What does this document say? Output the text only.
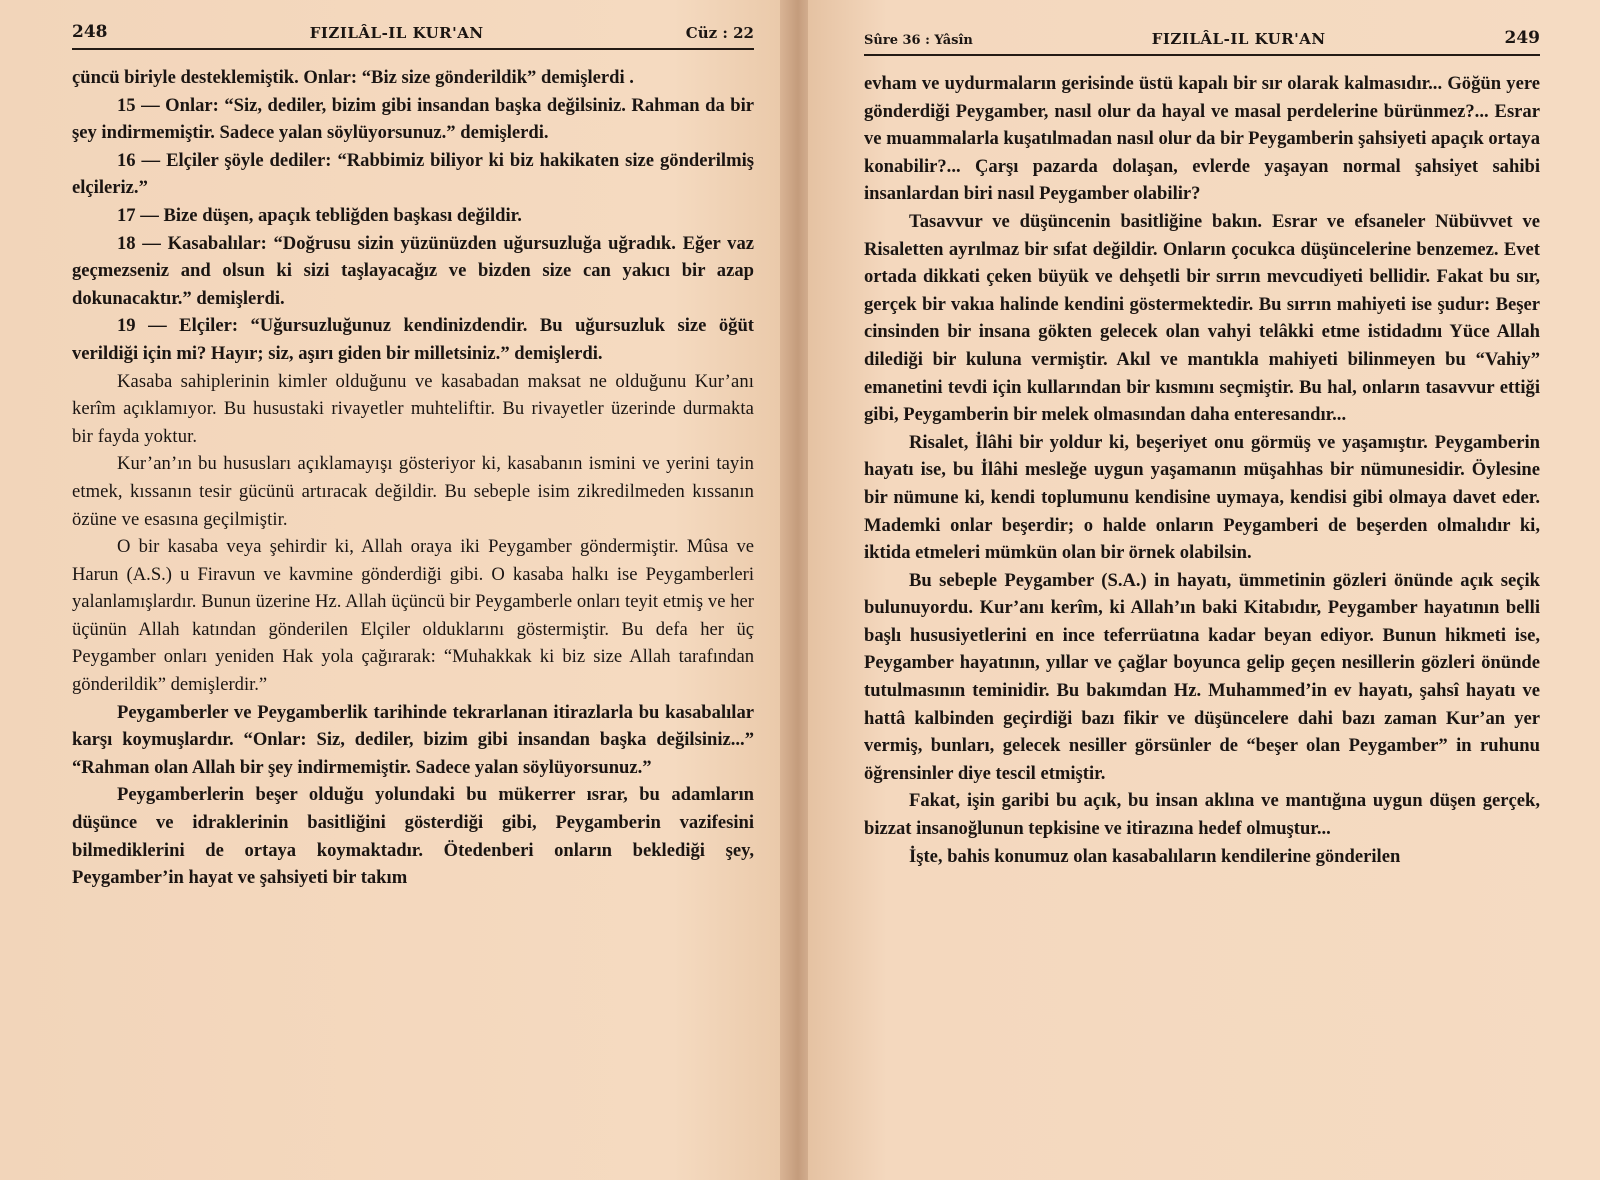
248	FIZILÂL-IL KUR'AN	Cüz : 22

çüncü biriyle desteklemiştik. Onlar: “Biz size gönderildik” demişlerdi .

15 — Onlar: “Siz, dediler, bizim gibi insandan başka değilsiniz. Rahman da bir şey indirmemiştir. Sadece yalan söylüyorsunuz.” demişlerdi.

16 — Elçiler şöyle dediler: “Rabbimiz biliyor ki biz hakikaten size gönderilmiş elçileriz.”

17 — Bize düşen, apaçık tebliğden başkası değildir.

18 — Kasabalılar: “Doğrusu sizin yüzünüzden uğursuzluğa uğradık. Eğer vaz geçmezseniz and olsun ki sizi taşlayacağız ve bizden size can yakıcı bir azap dokunacaktır.” demişlerdi.

19 — Elçiler: “Uğursuzluğunuz kendinizdendir. Bu uğursuzluk size öğüt verildiği için mi? Hayır; siz, aşırı giden bir milletsiniz.” demişlerdi.

Kasaba sahiplerinin kimler olduğunu ve kasabadan maksat ne olduğunu Kur’anı kerîm açıklamıyor. Bu husustaki rivayetler muhteliftir. Bu rivayetler üzerinde durmakta bir fayda yoktur.

Kur’an’ın bu hususları açıklamayışı gösteriyor ki, kasabanın ismini ve yerini tayin etmek, kıssanın tesir gücünü artıracak değildir. Bu sebeple isim zikredilmeden kıssanın özüne ve esasına geçilmiştir.

O bir kasaba veya şehirdir ki, Allah oraya iki Peygamber göndermiştir. Mûsa ve Harun (A.S.) u Firavun ve kavmine gönderdiği gibi. O kasaba halkı ise Peygamberleri yalanlamışlardır. Bunun üzerine Hz. Allah üçüncü bir Peygamberle onları teyit etmiş ve her üçünün Allah katından gönderilen Elçiler olduklarını göstermiştir. Bu defa her üç Peygamber onları yeniden Hak yola çağırarak: “Muhakkak ki biz size Allah tarafından gönderildik” demişlerdir.”

Peygamberler ve Peygamberlik tarihinde tekrarlanan itirazlarla bu kasabalılar karşı koymuşlardır. “Onlar: Siz, dediler, bizim gibi insandan başka değilsiniz...” “Rahman olan Allah bir şey indirmemiştir. Sadece yalan söylüyorsunuz.”

Peygamberlerin beşer olduğu yolundaki bu mükerrer ısrar, bu adamların düşünce ve idraklerinin basitliğini gösterdiği gibi, Peygamberin vazifesini bilmediklerini de ortaya koymaktadır. Ötedenberi onların beklediği şey, Peygamber’in hayat ve şahsiyeti bir takım

Sûre 36 : Yâsîn	FIZILÂL-IL KUR'AN	249

evham ve uydurmaların gerisinde üstü kapalı bir sır olarak kalmasıdır... Göğün yere gönderdiği Peygamber, nasıl olur da hayal ve masal perdelerine bürünmez?... Esrar ve muammalarla kuşatılmadan nasıl olur da bir Peygamberin şahsiyeti apaçık ortaya konabilir?... Çarşı pazarda dolaşan, evlerde yaşayan normal şahsiyet sahibi insanlardan biri nasıl Peygamber olabilir?

Tasavvur ve düşüncenin basitliğine bakın. Esrar ve efsaneler Nübüvvet ve Risaletten ayrılmaz bir sıfat değildir. Onların çocukca düşüncelerine benzemez. Evet ortada dikkati çeken büyük ve dehşetli bir sırrın mevcudiyeti bellidir. Fakat bu sır, gerçek bir vakıa halinde kendini göstermektedir. Bu sırrın mahiyeti ise şudur: Beşer cinsinden bir insana gökten gelecek olan vahyi telâkki etme istidadını Yüce Allah dilediği bir kuluna vermiştir. Akıl ve mantıkla mahiyeti bilinmeyen bu “Vahiy” emanetini tevdi için kullarından bir kısmını seçmiştir. Bu hal, onların tasavvur ettiği gibi, Peygamberin bir melek olmasından daha enteresandır...

Risalet, İlâhi bir yoldur ki, beşeriyet onu görmüş ve yaşamıştır. Peygamberin hayatı ise, bu İlâhi mesleğe uygun yaşamanın müşahhas bir nümunesidir. Öylesine bir nümune ki, kendi toplumunu kendisine uymaya, kendisi gibi olmaya davet eder. Mademki onlar beşerdir; o halde onların Peygamberi de beşerden olmalıdır ki, iktida etmeleri mümkün olan bir örnek olabilsin.

Bu sebeple Peygamber (S.A.) in hayatı, ümmetinin gözleri önünde açık seçik bulunuyordu. Kur’anı kerîm, ki Allah’ın baki Kitabıdır, Peygamber hayatının belli başlı hususiyetlerini en ince teferrüatına kadar beyan ediyor. Bunun hikmeti ise, Peygamber hayatının, yıllar ve çağlar boyunca gelip geçen nesillerin gözleri önünde tutulmasının teminidir. Bu bakımdan Hz. Muhammed’in ev hayatı, şahsî hayatı ve hattâ kalbinden geçirdiği bazı fikir ve düşüncelere dahi bazı zaman Kur’an yer vermiş, bunları, gelecek nesiller görsünler de “beşer olan Peygamber” in ruhunu öğrensinler diye tescil etmiştir.

Fakat, işin garibi bu açık, bu insan aklına ve mantığına uygun düşen gerçek, bizzat insanoğlunun tepkisine ve itirazına hedef olmuştur...

İşte, bahis konumuz olan kasabalıların kendilerine gönderilen
